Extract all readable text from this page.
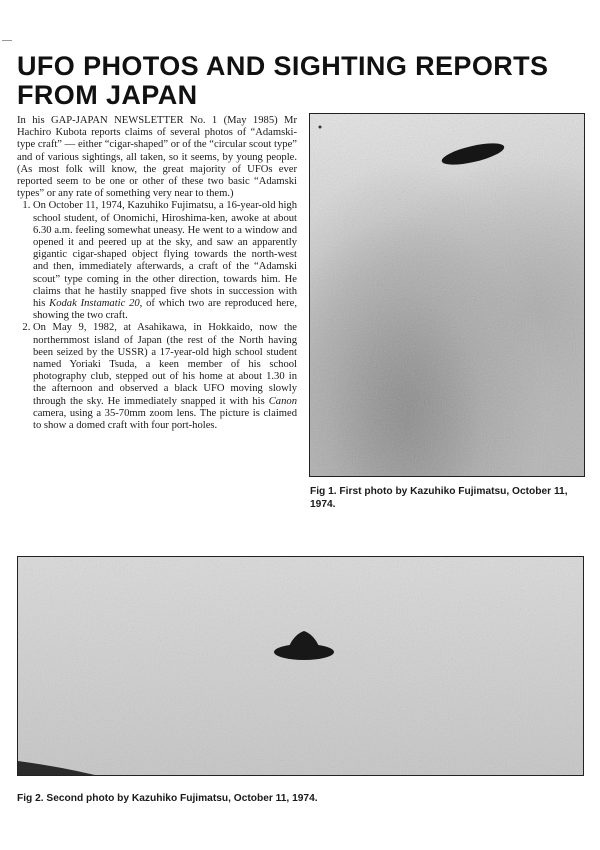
UFO PHOTOS AND SIGHTING REPORTS FROM JAPAN

In his GAP-JAPAN NEWSLETTER No. 1 (May 1985) Mr Hachiro Kubota reports claims of several photos of “Adamski-type craft” — either “cigar-shaped” or of the “circular scout type” and of various sightings, all taken, so it seems, by young people. (As most folk will know, the great majority of UFOs ever reported seem to be one or other of these two basic “Adamski types” or any rate of something very near to them.)

1. On October 11, 1974, Kazuhiko Fujimatsu, a 16-year-old high school student, of Onomichi, Hiroshima-ken, awoke at about 6.30 a.m. feeling somewhat uneasy. He went to a window and opened it and peered up at the sky, and saw an apparently gigantic cigar-shaped object flying towards the north-west and then, immediately afterwards, a craft of the “Adamski scout” type coming in the other direction, towards him. He claims that he hastily snapped five shots in succession with his Kodak Instamatic 20, of which two are reproduced here, showing the two craft.
2. On May 9, 1982, at Asahikawa, in Hokkaido, now the northernmost island of Japan (the rest of the North having been seized by the USSR) a 17-year-old high school student named Yoriaki Tsuda, a keen member of his school photography club, stepped out of his home at about 1.30 in the afternoon and observed a black UFO moving slowly through the sky. He immediately snapped it with his Canon camera, using a 35-70mm zoom lens. The picture is claimed to show a domed craft with four port-holes.
Fig 1. First photo by Kazuhiko Fujimatsu, October 11, 1974.
Fig 2. Second photo by Kazuhiko Fujimatsu, October 11, 1974.
